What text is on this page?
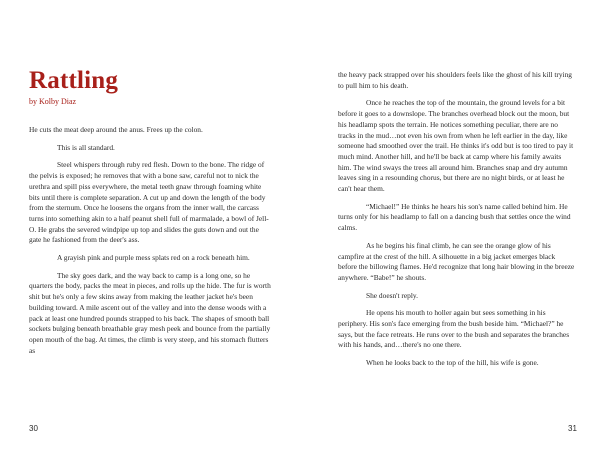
Rattling
by Kolby Diaz

He cuts the meat deep around the anus. Frees up the colon.

This is all standard.

Steel whispers through ruby red flesh. Down to the bone. The ridge of the pelvis is exposed; he removes that with a bone saw, careful not to nick the urethra and spill piss everywhere, the metal teeth gnaw through foaming white bits until there is complete separation. A cut up and down the length of the body from the sternum. Once he loosens the organs from the inner wall, the carcass turns into something akin to a half peanut shell full of marmalade, a bowl of Jell-O. He grabs the severed windpipe up top and slides the guts down and out the gate he fashioned from the deer's ass.

A grayish pink and purple mess splats red on a rock beneath him.

The sky goes dark, and the way back to camp is a long one, so he quarters the body, packs the meat in pieces, and rolls up the hide. The fur is worth shit but he's only a few skins away from making the leather jacket he's been building toward. A mile ascent out of the valley and into the dense woods with a pack at least one hundred pounds strapped to his back. The shapes of smooth ball sockets bulging beneath breathable gray mesh peek and bounce from the partially open mouth of the bag. At times, the climb is very steep, and his stomach flutters as

30

the heavy pack strapped over his shoulders feels like the ghost of his kill trying to pull him to his death.

Once he reaches the top of the mountain, the ground levels for a bit before it goes to a downslope. The branches overhead block out the moon, but his headlamp spots the terrain. He notices something peculiar, there are no tracks in the mud…not even his own from when he left earlier in the day, like someone had smoothed over the trail. He thinks it's odd but is too tired to pay it much mind. Another hill, and he'll be back at camp where his family awaits him. The wind sways the trees all around him. Branches snap and dry autumn leaves sing in a resounding chorus, but there are no night birds, or at least he can't hear them.

“Michael!” He thinks he hears his son's name called behind him. He turns only for his headlamp to fall on a dancing bush that settles once the wind calms.

As he begins his final climb, he can see the orange glow of his campfire at the crest of the hill. A silhouette in a big jacket emerges black before the billowing flames. He'd recognize that long hair blowing in the breeze anywhere. “Babe!” he shouts.

She doesn't reply.

He opens his mouth to holler again but sees something in his periphery. His son's face emerging from the bush beside him. “Michael?” he says, but the face retreats. He runs over to the bush and separates the branches with his hands, and…there's no one there.

When he looks back to the top of the hill, his wife is gone.

31
